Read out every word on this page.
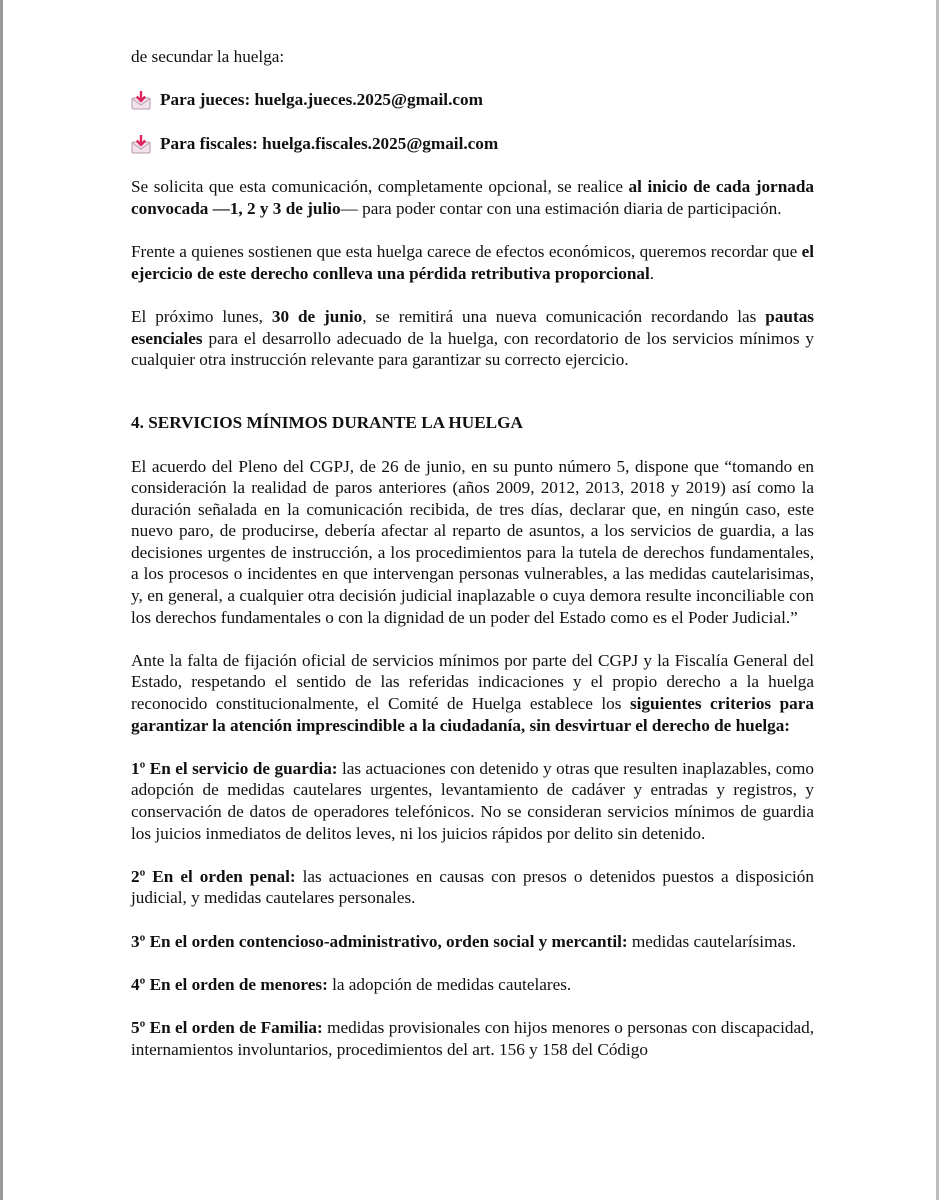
de secundar la huelga:

Para jueces: huelga.jueces.2025@gmail.com
Para fiscales: huelga.fiscales.2025@gmail.com

Se solicita que esta comunicación, completamente opcional, se realice al inicio de cada jornada convocada —1, 2 y 3 de julio— para poder contar con una estimación diaria de participación.

Frente a quienes sostienen que esta huelga carece de efectos económicos, queremos recordar que el ejercicio de este derecho conlleva una pérdida retributiva proporcional.

El próximo lunes, 30 de junio, se remitirá una nueva comunicación recordando las pautas esenciales para el desarrollo adecuado de la huelga, con recordatorio de los servicios mínimos y cualquier otra instrucción relevante para garantizar su correcto ejercicio.

4. SERVICIOS MÍNIMOS DURANTE LA HUELGA

El acuerdo del Pleno del CGPJ, de 26 de junio, en su punto número 5, dispone que “tomando en consideración la realidad de paros anteriores (años 2009, 2012, 2013, 2018 y 2019) así como la duración señalada en la comunicación recibida, de tres días, declarar que, en ningún caso, este nuevo paro, de producirse, debería afectar al reparto de asuntos, a los servicios de guardia, a las decisiones urgentes de instrucción, a los procedimientos para la tutela de derechos fundamentales, a los procesos o incidentes en que intervengan personas vulnerables, a las medidas cautelarisimas, y, en general, a cualquier otra decisión judicial inaplazable o cuya demora resulte inconciliable con los derechos fundamentales o con la dignidad de un poder del Estado como es el Poder Judicial.”

Ante la falta de fijación oficial de servicios mínimos por parte del CGPJ y la Fiscalía General del Estado, respetando el sentido de las referidas indicaciones y el propio derecho a la huelga reconocido constitucionalmente, el Comité de Huelga establece los siguientes criterios para garantizar la atención imprescindible a la ciudadanía, sin desvirtuar el derecho de huelga:

1º En el servicio de guardia: las actuaciones con detenido y otras que resulten inaplazables, como adopción de medidas cautelares urgentes, levantamiento de cadáver y entradas y registros, y conservación de datos de operadores telefónicos. No se consideran servicios mínimos de guardia los juicios inmediatos de delitos leves, ni los juicios rápidos por delito sin detenido.

2º En el orden penal: las actuaciones en causas con presos o detenidos puestos a disposición judicial, y medidas cautelares personales.

3º En el orden contencioso-administrativo, orden social y mercantil: medidas cautelarísimas.

4º En el orden de menores: la adopción de medidas cautelares.

5º En el orden de Familia: medidas provisionales con hijos menores o personas con discapacidad, internamientos involuntarios, procedimientos del art. 156 y 158 del Código
